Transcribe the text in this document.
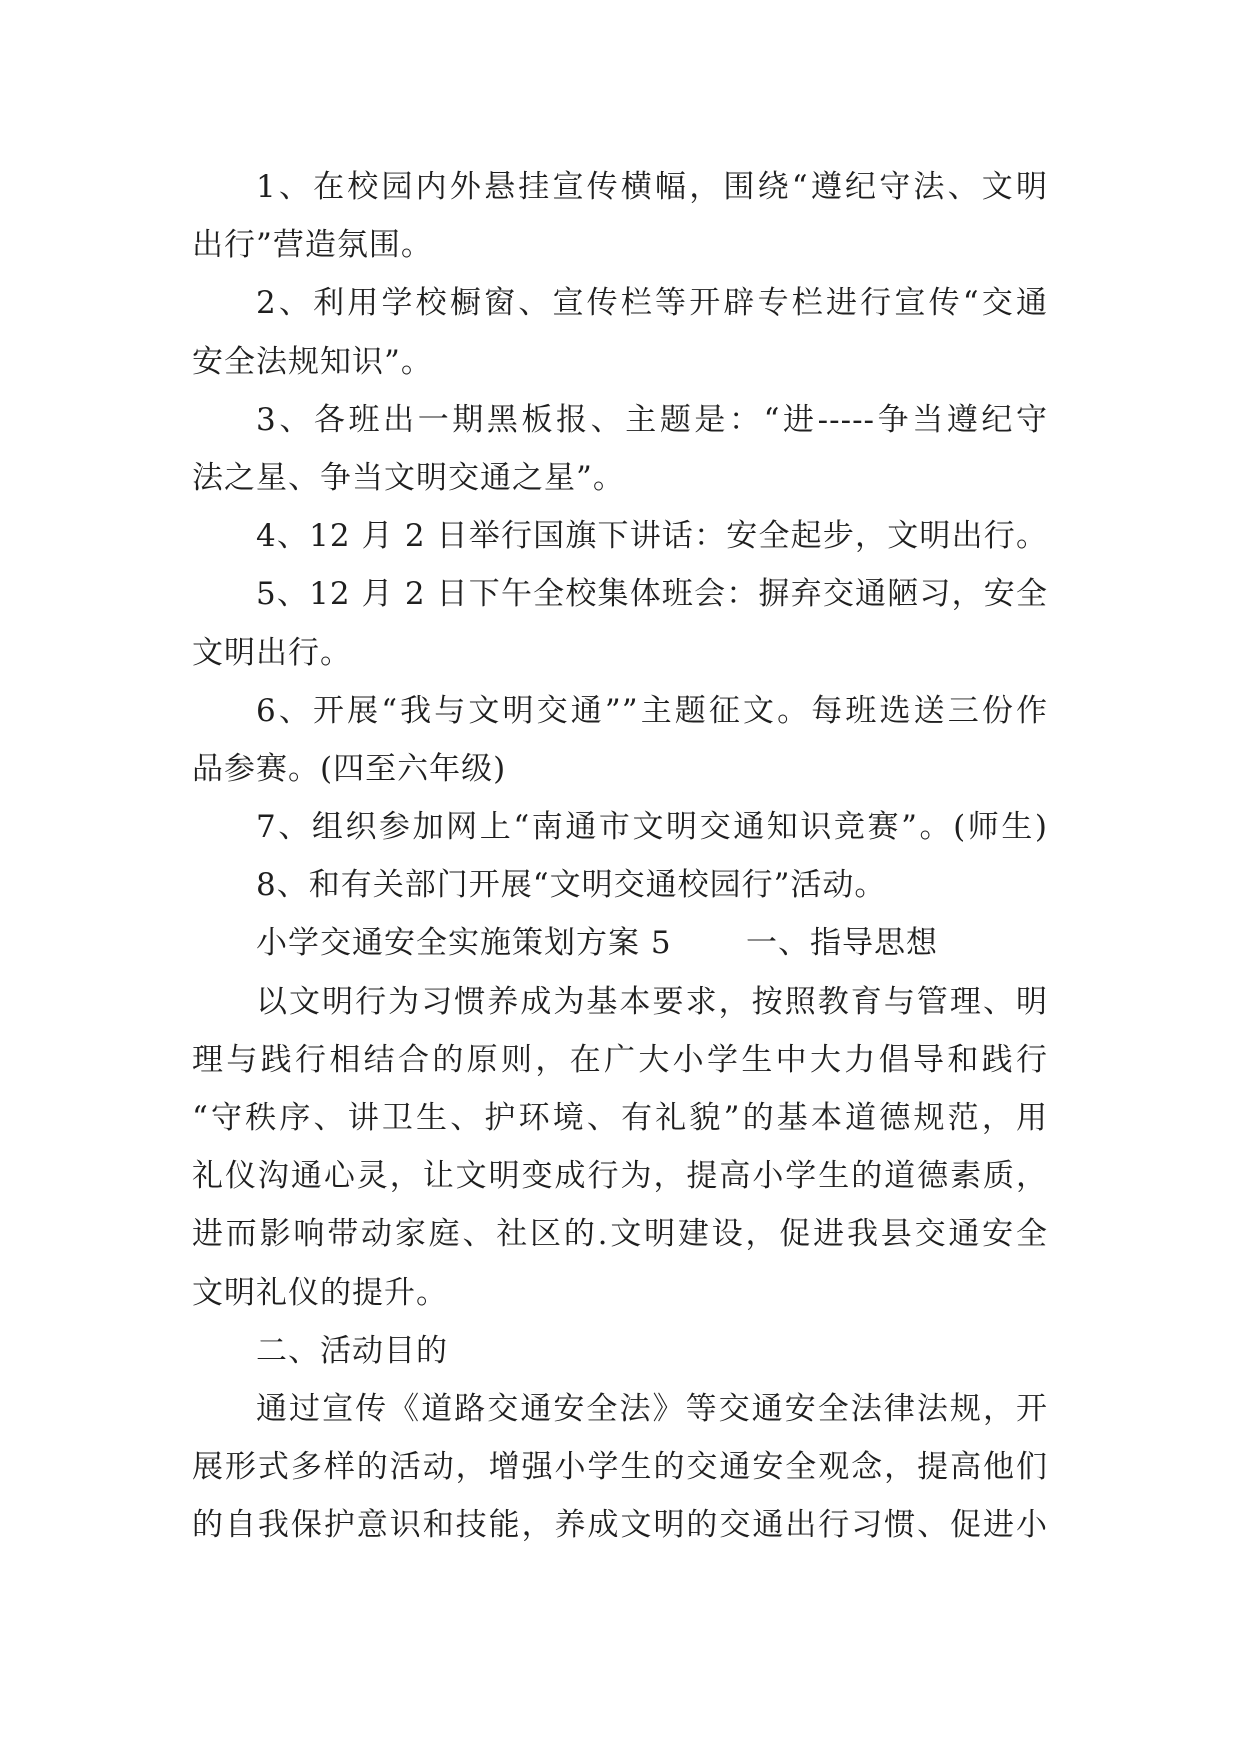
1、在校园内外悬挂宣传横幅，围绕“遵纪守法、文明
出行”营造氛围。
2、利用学校橱窗、宣传栏等开辟专栏进行宣传“交通
安全法规知识”。
3、各班出一期黑板报、主题是：“进-----争当遵纪守
法之星、争当文明交通之星”。
4、12 月 2 日举行国旗下讲话：安全起步，文明出行。
5、12 月 2 日下午全校集体班会：摒弃交通陋习，安全
文明出行。
6、开展“我与文明交通””主题征文。每班选送三份作
品参赛。(四至六年级)
7、组织参加网上“南通市文明交通知识竞赛”。(师生)
8、和有关部门开展“文明交通校园行”活动。
小学交通安全实施策划方案 5 一、指导思想
以文明行为习惯养成为基本要求，按照教育与管理、明
理与践行相结合的原则，在广大小学生中大力倡导和践行
“守秩序、讲卫生、护环境、有礼貌”的基本道德规范，用
礼仪沟通心灵，让文明变成行为，提高小学生的道德素质，
进而影响带动家庭、社区的.文明建设，促进我县交通安全
文明礼仪的提升。
二、活动目的
通过宣传《道路交通安全法》等交通安全法律法规，开
展形式多样的活动，增强小学生的交通安全观念，提高他们
的自我保护意识和技能，养成文明的交通出行习惯、促进小
